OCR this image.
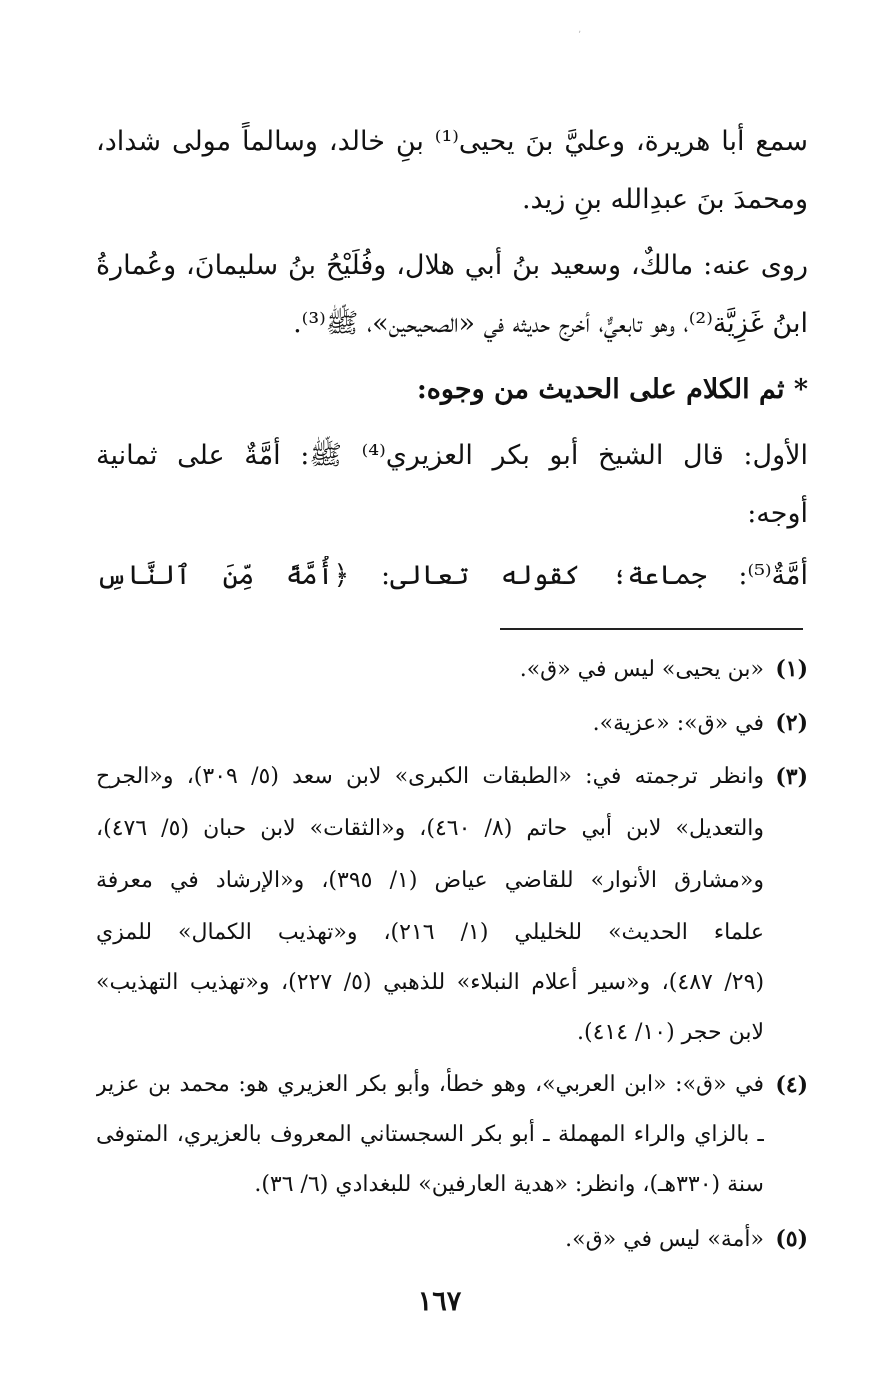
٬
سمع أبا هريرة، وعليَّ بنَ يحيى⁽¹⁾ بنِ خالد، وسالماً مولى شداد،
ومحمدَ بنَ عبدِالله بنِ زيد.
روى عنه: مالكٌ، وسعيد بنُ أبي هلال، وفُلَيْحُ بنُ سليمانَ، وعُمارةُ
ابنُ غَزِيَّة⁽²⁾، وهو تابعيٌّ، أخرج حديثه في «الصحيحين»، ﷺ⁽³⁾.
* ثم الكلام على الحديث من وجوه:
الأول: قال الشيخ أبو بكر العزيري⁽⁴⁾ ﷺ: أُمَّةٌ على ثمانية
أوجه:
أُمَّةٌ⁽⁵⁾: جماعة؛ كقوله تعالى: ﴿أُمَّةً مِّنَ ٱلنَّاسِ
(١)«بن يحيى» ليس في «ق».
(٢)في «ق»: «عزية».
(٣)
وانظر ترجمته في: «الطبقات الكبرى» لابن سعد (٥/ ٣٠٩)، و«الجرح
والتعديل» لابن أبي حاتم (٨/ ٤٦٠)، و«الثقات» لابن حبان (٥/ ٤٧٦)،
و«مشارق الأنوار» للقاضي عياض (١/ ٣٩٥)، و«الإرشاد في معرفة
علماء الحديث» للخليلي (١/ ٢١٦)، و«تهذيب الكمال» للمزي
(٢٩/ ٤٨٧)، و«سير أعلام النبلاء» للذهبي (٥/ ٢٢٧)، و«تهذيب التهذيب»
لابن حجر (١٠/ ٤١٤).
(٤)
في «ق»: «ابن العربي»، وهو خطأ، وأبو بكر العزيري هو: محمد بن عزير
ـ بالزاي والراء المهملة ـ أبو بكر السجستاني المعروف بالعزيري، المتوفى
سنة (٣٣٠هـ)، وانظر: «هدية العارفين» للبغدادي (٦/ ٣٦).
(٥)«أمة» ليس في «ق».
١٦٧
